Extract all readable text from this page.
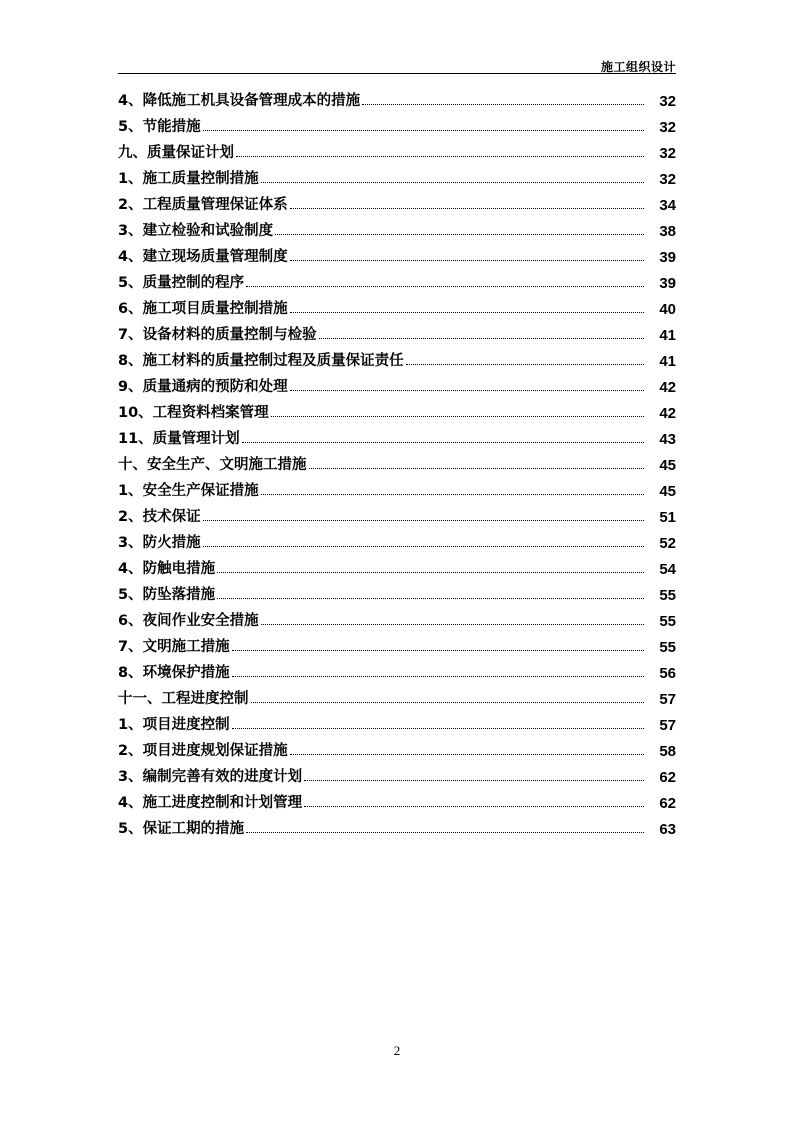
施工组织设计
4、降低施工机具设备管理成本的措施	32
5、节能措施	32
九、质量保证计划	32
1、施工质量控制措施	32
2、工程质量管理保证体系	34
3、建立检验和试验制度	38
4、建立现场质量管理制度	39
5、质量控制的程序	39
6、施工项目质量控制措施	40
7、设备材料的质量控制与检验	41
8、施工材料的质量控制过程及质量保证责任	41
9、质量通病的预防和处理	42
10、工程资料档案管理	42
11、质量管理计划	43
十、安全生产、文明施工措施	45
1、安全生产保证措施	45
2、技术保证	51
3、防火措施	52
4、防触电措施	54
5、防坠落措施	55
6、夜间作业安全措施	55
7、文明施工措施	55
8、环境保护措施	56
十一、工程进度控制	57
1、项目进度控制	57
2、项目进度规划保证措施	58
3、编制完善有效的进度计划	62
4、施工进度控制和计划管理	62
5、保证工期的措施	63
2
